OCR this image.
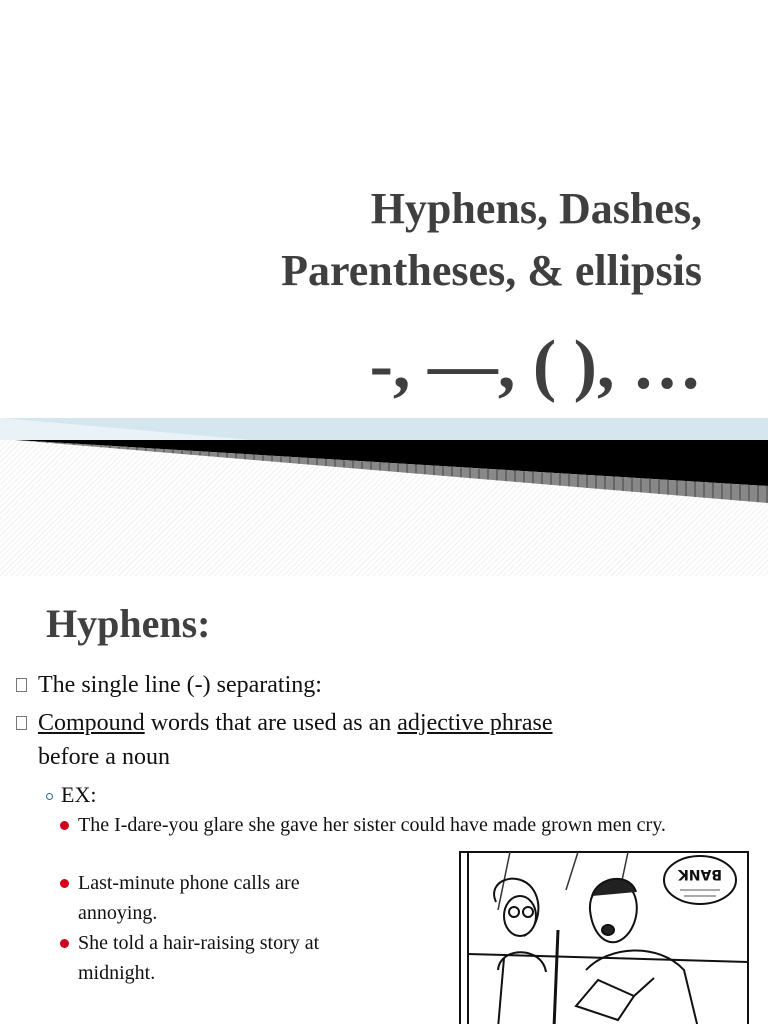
Hyphens, Dashes,
Parentheses, & ellipsis
-, —, ( ), …
Hyphens:
The single line (-) separating:
Compound words that are used as an adjective phrase
before a noun
EX:
The I-dare-you glare she gave her sister could have made grown men cry.
Last-minute phone calls are annoying.
She told a hair-raising story at midnight.
BANK
